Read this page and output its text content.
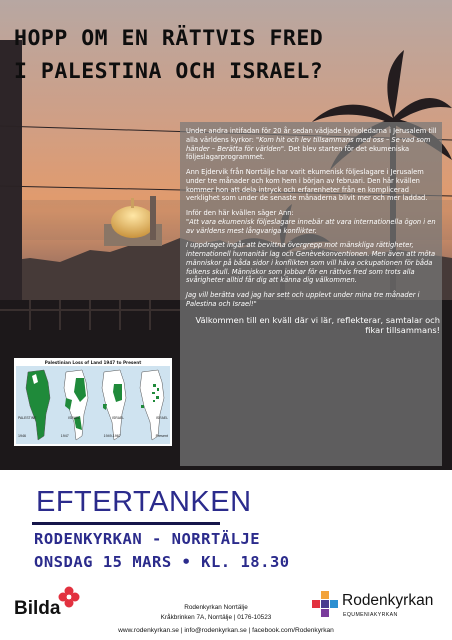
HOPP OM EN RÄTTVIS FRED
I PALESTINA OCH ISRAEL?

Under andra intifadan för 20 år sedan vädjade kyrkoledarna i Jerusalem till alla världens kyrkor: "Kom hit och lev tillsammans med oss – Se vad som händer – Berätta för världen". Det blev starten för det ekumeniska följeslagarprogrammet.

Ann Ejdervik från Norrtälje har varit ekumenisk följeslagare i Jerusalem under tre månader och kom hem i början av februari. Den här kvällen kommer hon att dela intryck och erfarenheter från en komplicerad verklighet som under de senaste månaderna blivit mer och mer laddad.

Inför den här kvällen säger Ann:
"Att vara ekumenisk följeslagare innebär att vara internationella ögon i en av världens mest långvariga konflikter.

I uppdraget ingår att bevittna övergrepp mot mänskliga rättigheter, internationell humanitär lag och Genèvekonventionen. Men även att möta människor på båda sidor i konflikten som vill häva ockupationen för båda folkens skull. Människor som jobbar för en rättvis fred som trots alla svårigheter alltid får dig att känna dig välkommen.

Jag vill berätta vad jag har sett och upplevt under mina tre månader i Palestina och Israel!"

Välkommen till en kväll där vi lär, reflekterar, samtalar och fikar tillsammans!

Palestinian Loss of Land 1947 to Present
1946	1947	1949-1967	Present
PALESTINE	ISRAEL	ISRAEL	ISRAEL
EFTERTANKEN
RODENKYRKAN - NORRTÄLJE
ONSDAG 15 MARS • KL. 18.30
Bilda	Rodenkyrkan Norrtälje
Kråkbrinken 7A, Norrtälje | 0176-10523
www.rodenkyrkan.se | info@rodenkyrkan.se | facebook.com/Rodenkyrkan
Rodenkyrkan
EQUMENIAKYRKAN
